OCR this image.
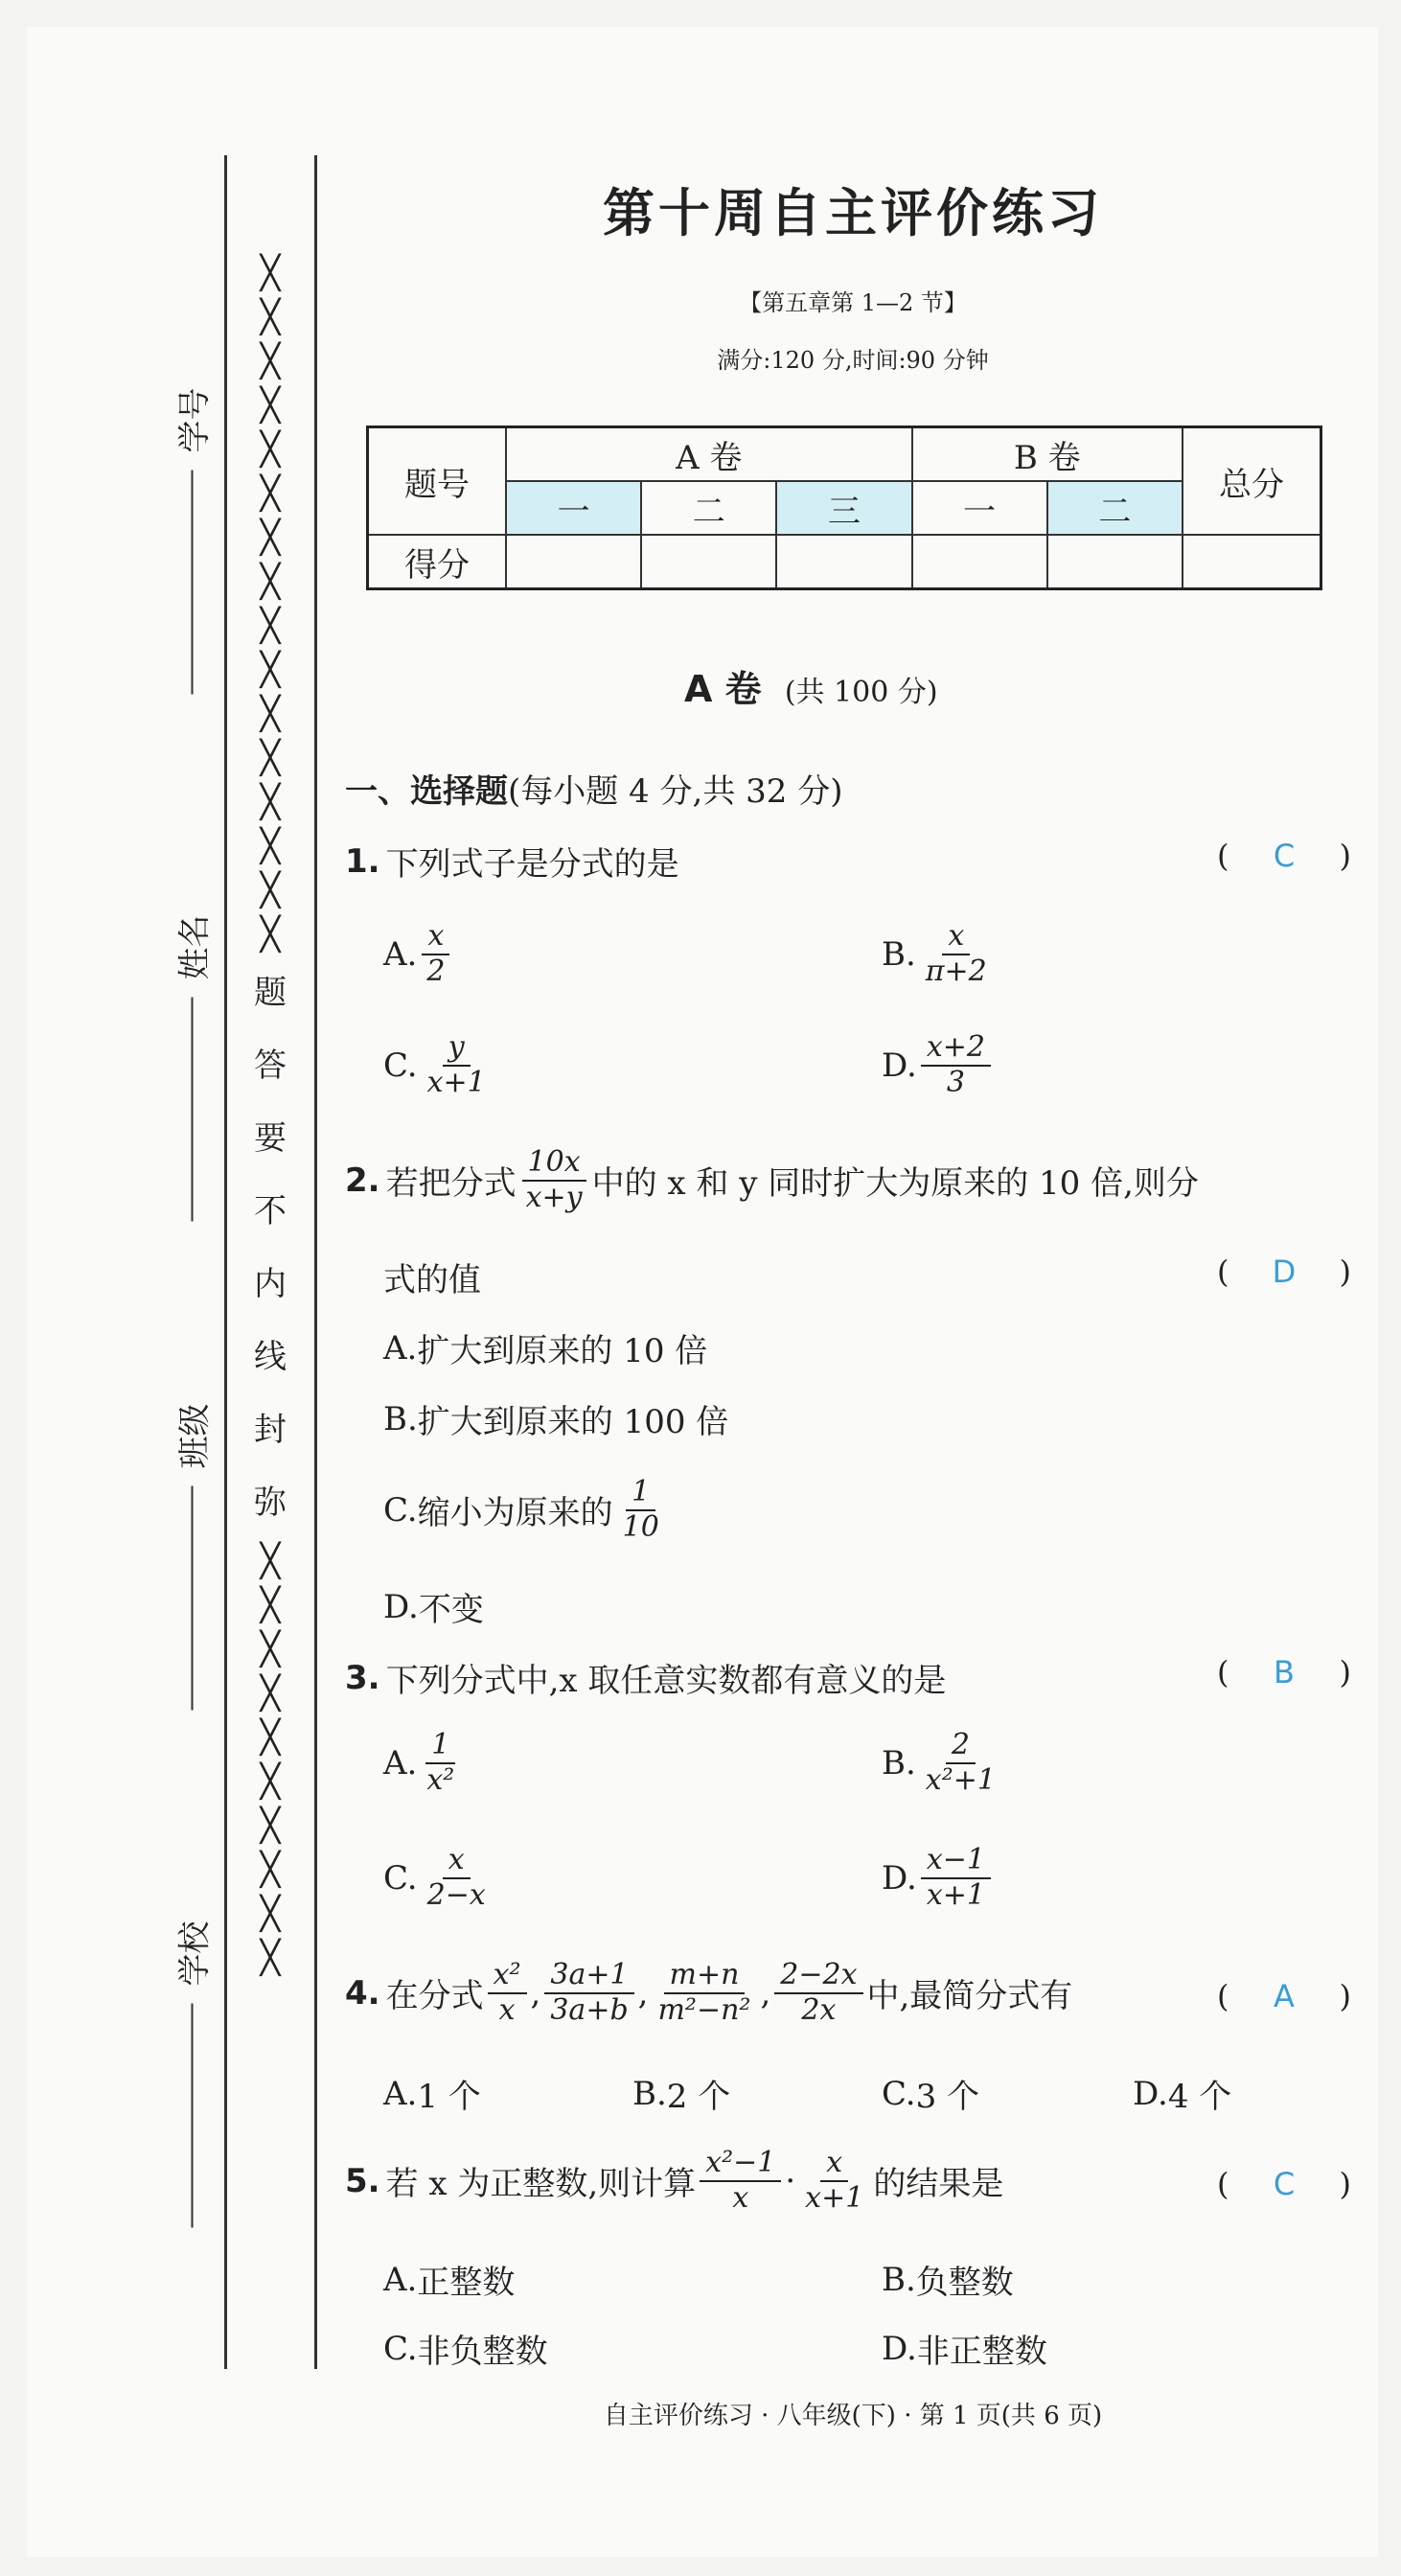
学号
姓名
班级
学校
╳
╳
╳
╳
╳
╳
╳
╳
╳
╳
╳
╳
╳
╳
╳
╳
题
答
要
不
内
线
封
弥
╳
╳
╳
╳
╳
╳
╳
╳
╳
╳
第十周自主评价练习
【第五章第 1—2 节】
满分:120 分,时间:90 分钟
题号	A 卷			B 卷		总分
	一	二	三	一	二	
得分						
A 卷 (共 100 分)
一、选择题(每小题 4 分,共 32 分)
1. 下列式子是分式的是	( C )
A. $\frac{x}{2}$	B. $\frac{x}{\pi+2}$
C. $\frac{y}{x+1}$	D. $\frac{x+2}{3}$
2. 若把分式 $\frac{10x}{x+y}$ 中的 x 和 y 同时扩大为原来的 10 倍,则分
式的值	( D )
A. 扩大到原来的 10 倍
B. 扩大到原来的 100 倍
C. 缩小为原来的 $\frac{1}{10}$
D. 不变
3. 下列分式中,x 取任意实数都有意义的是	( B )
A. $\frac{1}{\text{x²}}$	B. $\frac{2}{\text{x²+1}}$
C. $\frac{x}{2-x}$	D. $\frac{x-1}{x+1}$
4. 在分式 $\frac{\text{x²}}{x}$ , $\frac{3a+1}{3a+b}$ , $\frac{m+n}{\text{m²−n²}}$ , $\frac{2-2x}{2x}$ 中,最简分式有	( A )
A. 1 个	B. 2 个	C. 3 个	D. 4 个
5. 若 x 为正整数,则计算 $\frac{\text{x²−1}}{x} \cdot \frac{x}{x+1}$ 的结果是	( C )
A. 正整数	B. 负整数
C. 非负整数	D. 非正整数
自主评价练习 · 八年级(下) · 第 1 页(共 6 页)
